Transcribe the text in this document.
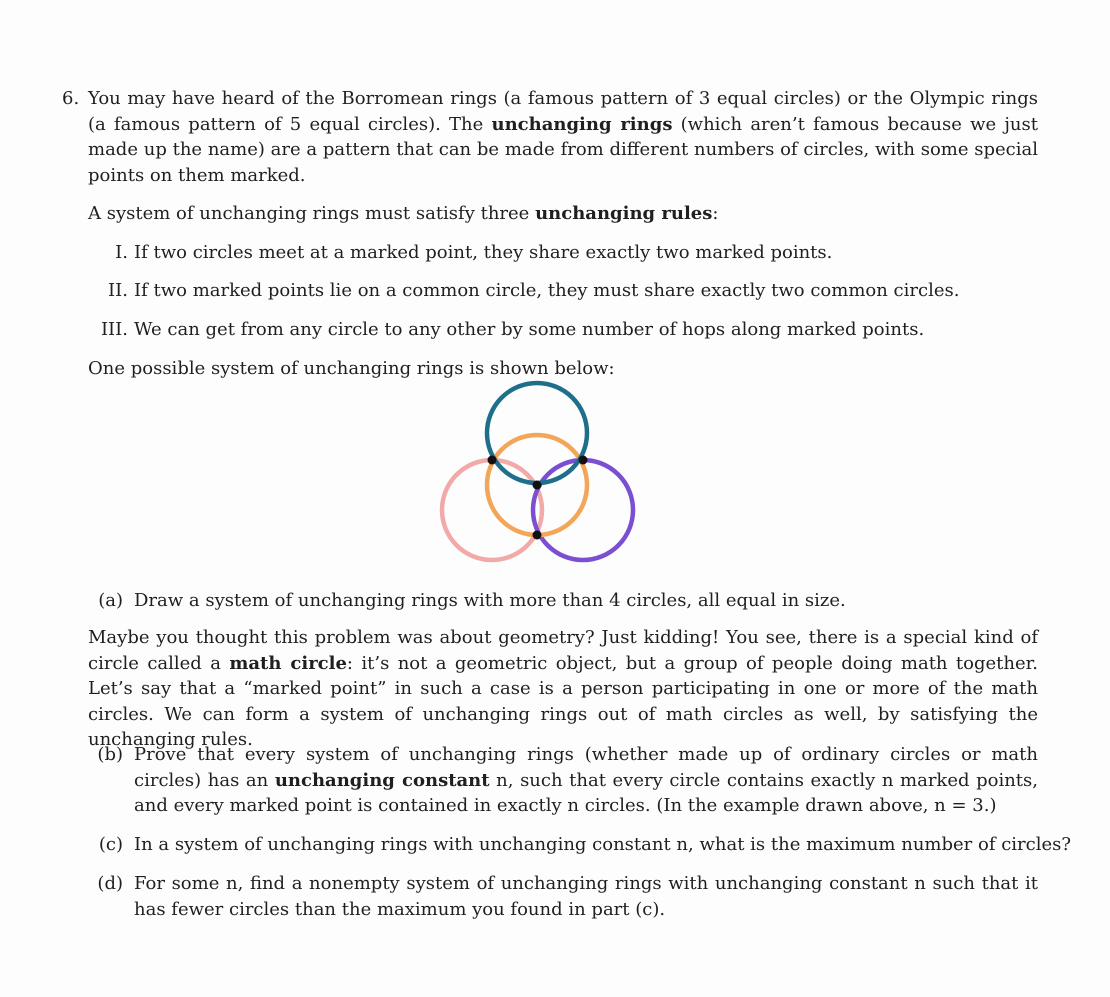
6. You may have heard of the Borromean rings (a famous pattern of 3 equal circles) or the Olympic rings (a famous pattern of 5 equal circles). The unchanging rings (which aren’t famous because we just made up the name) are a pattern that can be made from different numbers of circles, with some special points on them marked.

A system of unchanging rings must satisfy three unchanging rules:

I. If two circles meet at a marked point, they share exactly two marked points.
II. If two marked points lie on a common circle, they must share exactly two common circles.
III. We can get from any circle to any other by some number of hops along marked points.

One possible system of unchanging rings is shown below:

(a) Draw a system of unchanging rings with more than 4 circles, all equal in size.

Maybe you thought this problem was about geometry? Just kidding! You see, there is a special kind of circle called a math circle: it’s not a geometric object, but a group of people doing math together. Let’s say that a “marked point” in such a case is a person participating in one or more of the math circles. We can form a system of unchanging rings out of math circles as well, by satisfying the unchanging rules.

(b) Prove that every system of unchanging rings (whether made up of ordinary circles or math circles) has an unchanging constant n, such that every circle contains exactly n marked points, and every marked point is contained in exactly n circles. (In the example drawn above, n = 3.)

(c) In a system of unchanging rings with unchanging constant n, what is the maximum number of circles?
(d) For some n, find a nonempty system of unchanging rings with unchanging constant n such that it has fewer circles than the maximum you found in part (c).
